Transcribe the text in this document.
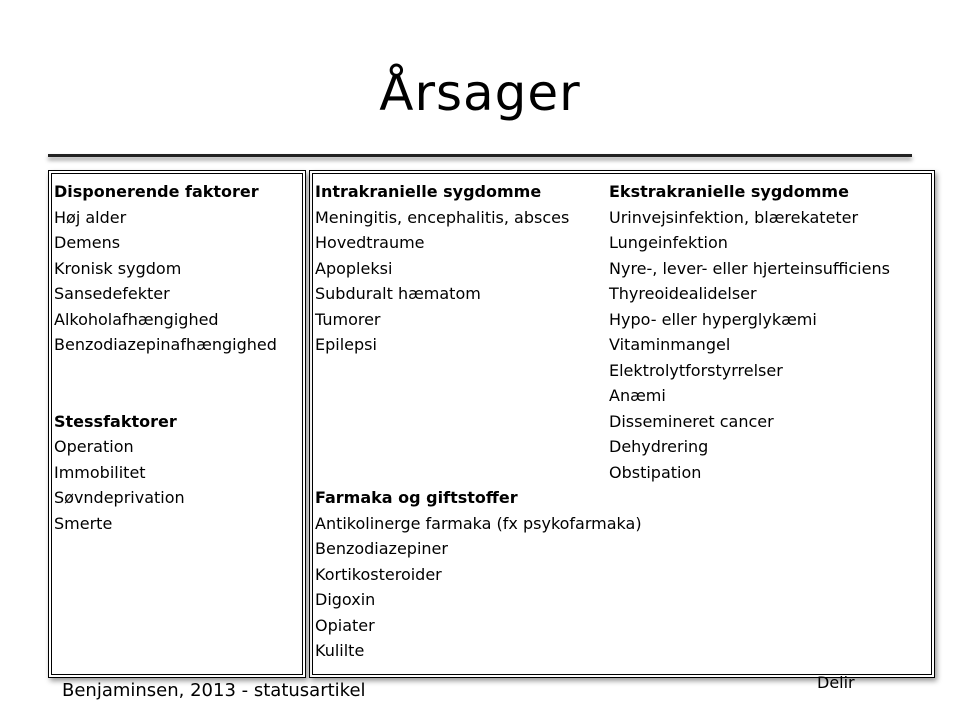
Årsager
Disponerende faktorer
Høj alder
Demens
Kronisk sygdom
Sansedefekter
Alkoholafhængighed
Benzodiazepinafhængighed
Stessfaktorer
Operation
Immobilitet
Søvndeprivation
Smerte
Intrakranielle sygdomme
Meningitis, encephalitis, absces
Hovedtraume
Apopleksi
Subduralt hæmatom
Tumorer
Epilepsi
Ekstrakranielle sygdomme
Urinvejsinfektion, blærekateter
Lungeinfektion
Nyre-, lever- eller hjerteinsufficiens
Thyreoidealidelser
Hypo- eller hyperglykæmi
Vitaminmangel
Elektrolytforstyrrelser
Anæmi
Dissemineret cancer
Dehydrering
Obstipation
Farmaka og giftstoffer
Antikolinerge farmaka (fx psykofarmaka)
Benzodiazepiner
Kortikosteroider
Digoxin
Opiater
Kulilte
Benjaminsen, 2013 - statusartikel	Delir
